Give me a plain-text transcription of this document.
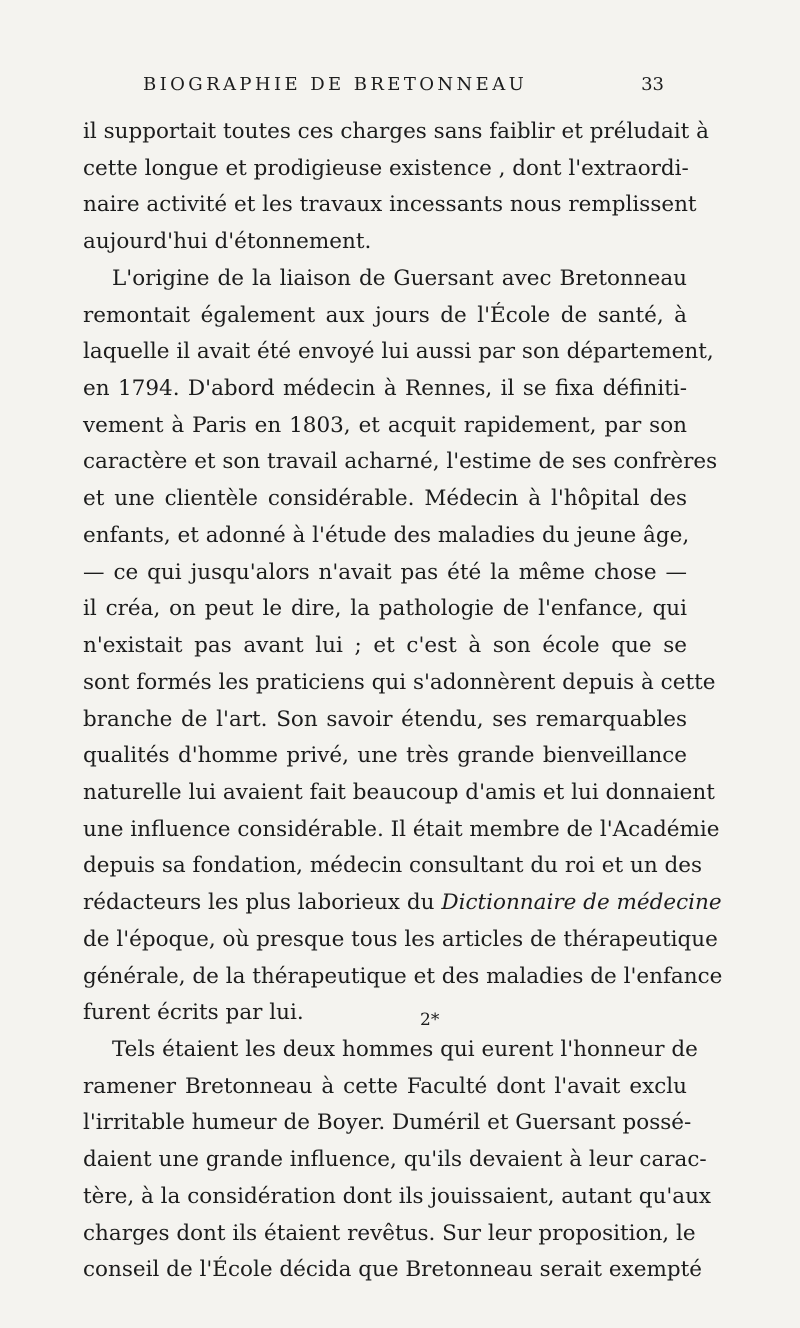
BIOGRAPHIE DE BRETONNEAU	33
il supportait toutes ces charges sans faiblir et préludait à
cette longue et prodigieuse existence , dont l'extraordi-
naire activité et les travaux incessants nous remplissent
aujourd'hui d'étonnement.
L'origine de la liaison de Guersant avec Bretonneau
remontait également aux jours de l'École de santé, à
laquelle il avait été envoyé lui aussi par son département,
en 1794. D'abord médecin à Rennes, il se fixa définiti-
vement à Paris en 1803, et acquit rapidement, par son
caractère et son travail acharné, l'estime de ses confrères
et une clientèle considérable. Médecin à l'hôpital des
enfants, et adonné à l'étude des maladies du jeune âge,
— ce qui jusqu'alors n'avait pas été la même chose —
il créa, on peut le dire, la pathologie de l'enfance, qui
n'existait pas avant lui ; et c'est à son école que se
sont formés les praticiens qui s'adonnèrent depuis à cette
branche de l'art. Son savoir étendu, ses remarquables
qualités d'homme privé, une très grande bienveillance
naturelle lui avaient fait beaucoup d'amis et lui donnaient
une influence considérable. Il était membre de l'Académie
depuis sa fondation, médecin consultant du roi et un des
rédacteurs les plus laborieux du Dictionnaire de médecine
de l'époque, où presque tous les articles de thérapeutique
générale, de la thérapeutique et des maladies de l'enfance
furent écrits par lui.
Tels étaient les deux hommes qui eurent l'honneur de
ramener Bretonneau à cette Faculté dont l'avait exclu
l'irritable humeur de Boyer. Duméril et Guersant possé-
daient une grande influence, qu'ils devaient à leur carac-
tère, à la considération dont ils jouissaient, autant qu'aux
charges dont ils étaient revêtus. Sur leur proposition, le
conseil de l'École décida que Bretonneau serait exempté
2*
